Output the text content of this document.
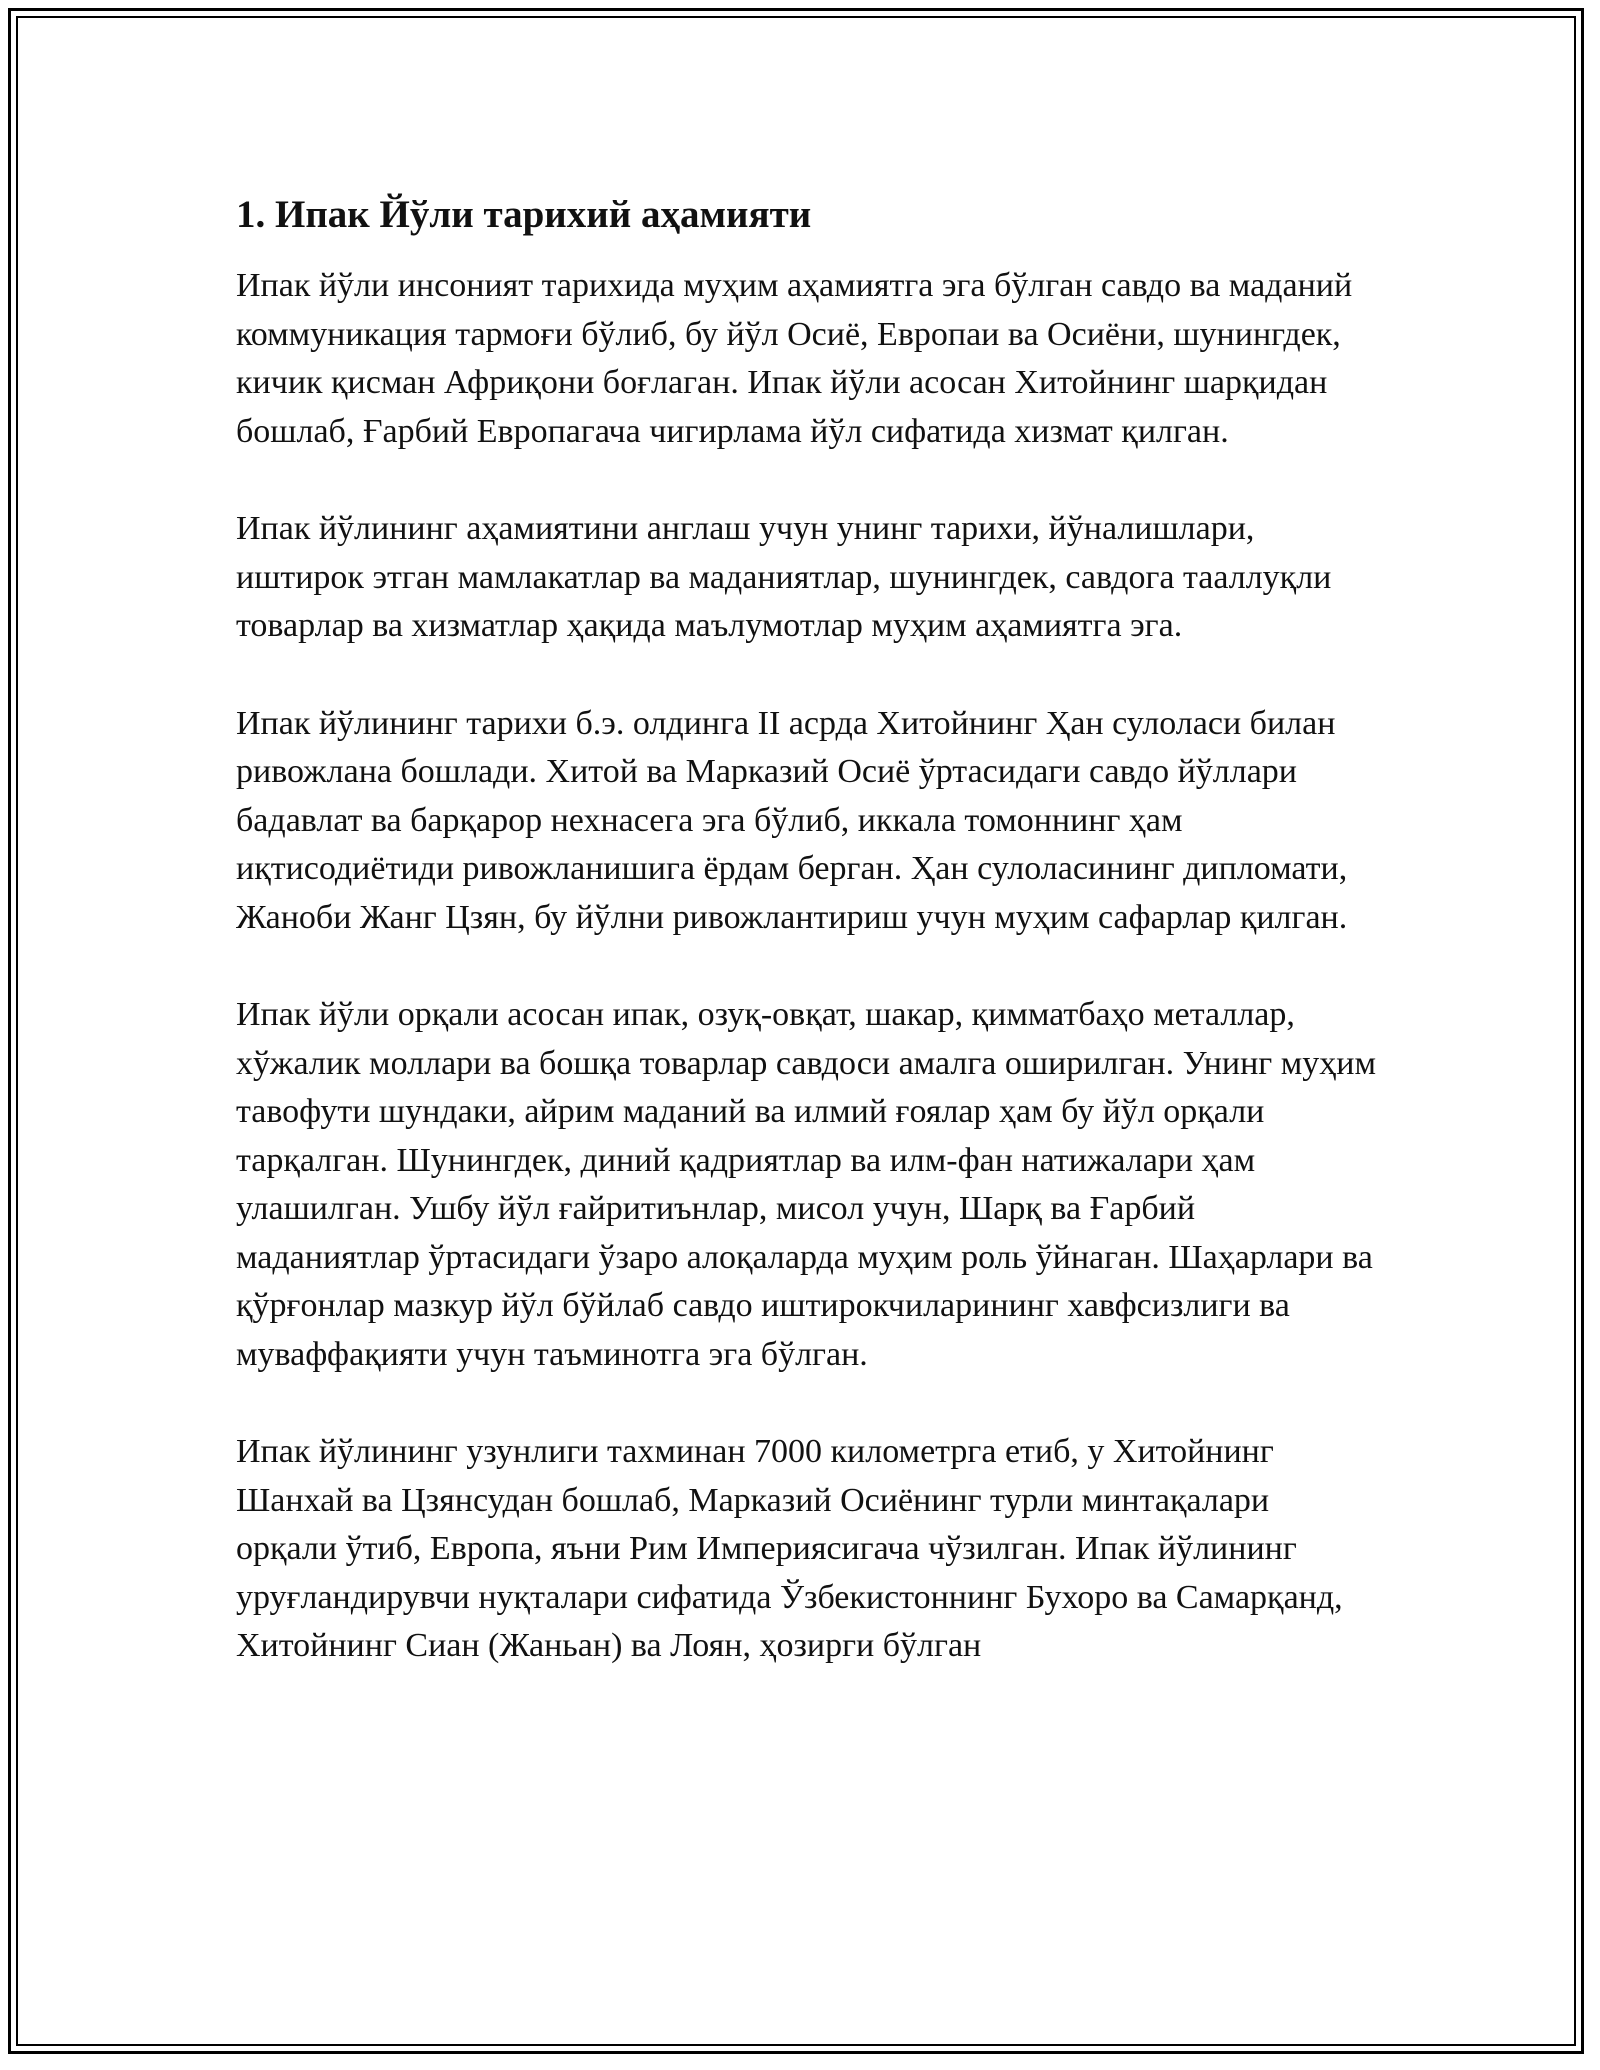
1. Ипак Йўли тарихий аҳамияти

Ипак йўли инсоният тарихида муҳим аҳамиятга эга бўлган савдо ва маданий коммуникация тармоғи бўлиб, бу йўл Осиё, Европаи ва Осиёни, шунингдек, кичик қисман Африқони боғлаган. Ипак йўли асосан Хитойнинг шарқидан бошлаб, Ғарбий Европагача чигирлама йўл сифатида хизмат қилган.

Ипак йўлининг аҳамиятини англаш учун унинг тарихи, йўналишлари, иштирок этган мамлакатлар ва маданиятлар, шунингдек, савдога тааллуқли товарлар ва хизматлар ҳақида маълумотлар муҳим аҳамиятга эга.

Ипак йўлининг тарихи б.э. олдинга II асрда Хитойнинг Ҳан сулоласи билан ривожлана бошлади. Хитой ва Марказий Осиё ўртасидаги савдо йўллари бадавлат ва барқарор нехнасега эга бўлиб, иккала томоннинг ҳам иқтисодиётиди ривожланишига ёрдам берган. Ҳан сулоласининг дипломати, Жаноби Жанг Цзян, бу йўлни ривожлантириш учун муҳим сафарлар қилган.

Ипак йўли орқали асосан ипак, озуқ-овқат, шакар, қимматбаҳо металлар, хўжалик моллари ва бошқа товарлар савдоси амалга оширилган. Унинг муҳим тавофути шундаки, айрим маданий ва илмий ғоялар ҳам бу йўл орқали тарқалган. Шунингдек, диний қадриятлар ва илм-фан натижалари ҳам улашилган. Ушбу йўл ғайритиънлар, мисол учун, Шарқ ва Ғарбий маданиятлар ўртасидаги ўзаро алоқаларда муҳим роль ўйнаган. Шаҳарлари ва қўрғонлар мазкур йўл бўйлаб савдо иштирокчиларининг хавфсизлиги ва муваффақияти учун таъминотга эга бўлган.

Ипак йўлининг узунлиги тахминан 7000 километрга етиб, у Хитойнинг Шанхай ва Цзянсудан бошлаб, Марказий Осиёнинг турли минтақалари орқали ўтиб, Европа, яъни Рим Империясигача чўзилган. Ипак йўлининг уруғландирувчи нуқталари сифатида Ўзбекистоннинг Бухоро ва Самарқанд, Хитойнинг Сиан (Жаньан) ва Лоян, ҳозирги бўлган
